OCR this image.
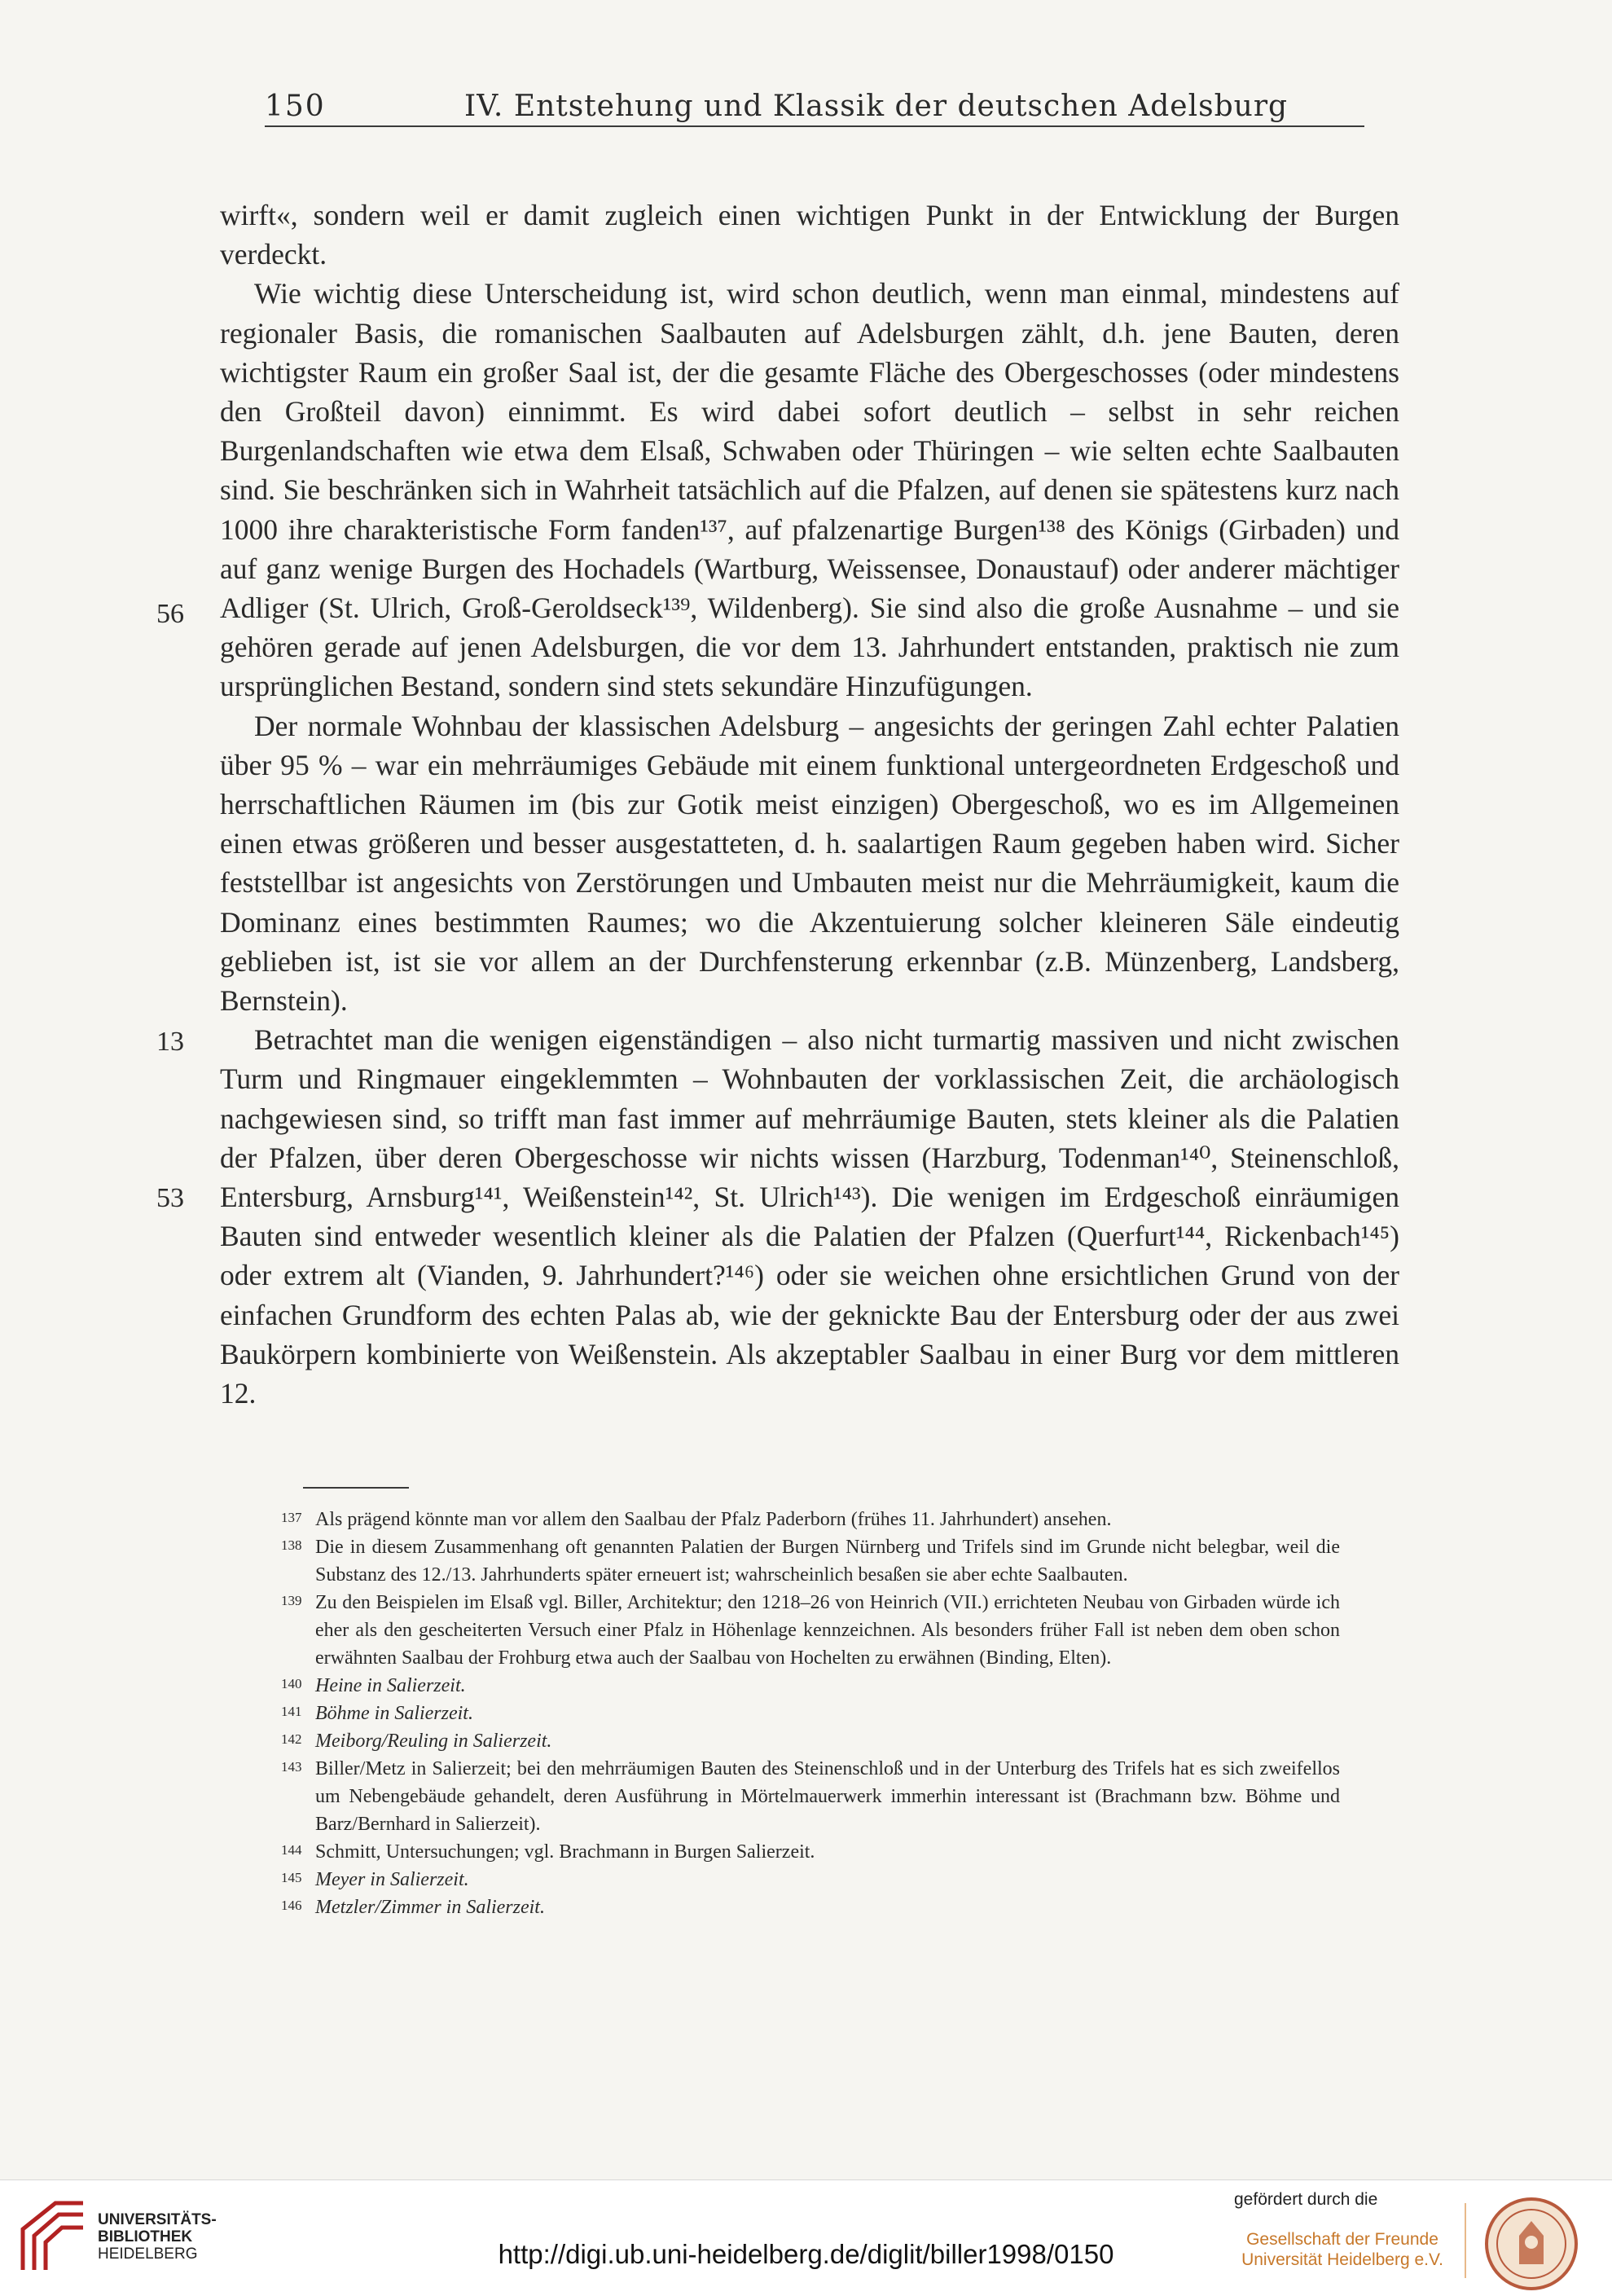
150	IV. Entstehung und Klassik der deutschen Adelsburg
56
13
53

wirft«, sondern weil er damit zugleich einen wichtigen Punkt in der Entwicklung der Burgen verdeckt.

Wie wichtig diese Unterscheidung ist, wird schon deutlich, wenn man einmal, mindestens auf regionaler Basis, die romanischen Saalbauten auf Adelsburgen zählt, d.h. jene Bauten, deren wichtigster Raum ein großer Saal ist, der die gesamte Fläche des Obergeschosses (oder mindestens den Großteil davon) einnimmt. Es wird dabei sofort deutlich – selbst in sehr reichen Burgenlandschaften wie etwa dem Elsaß, Schwaben oder Thüringen – wie selten echte Saalbauten sind. Sie beschränken sich in Wahrheit tatsächlich auf die Pfalzen, auf denen sie spätestens kurz nach 1000 ihre charakteristische Form fanden¹³⁷, auf pfalzenartige Burgen¹³⁸ des Königs (Girbaden) und auf ganz wenige Burgen des Hochadels (Wartburg, Weissensee, Donaustauf) oder anderer mächtiger Adliger (St. Ulrich, Groß-Geroldseck¹³⁹, Wildenberg). Sie sind also die große Ausnahme – und sie gehören gerade auf jenen Adelsburgen, die vor dem 13. Jahrhundert entstanden, praktisch nie zum ursprünglichen Bestand, sondern sind stets sekundäre Hinzufügungen.

Der normale Wohnbau der klassischen Adelsburg – angesichts der geringen Zahl echter Palatien über 95 % – war ein mehrräumiges Gebäude mit einem funktional untergeordneten Erdgeschoß und herrschaftlichen Räumen im (bis zur Gotik meist einzigen) Obergeschoß, wo es im Allgemeinen einen etwas größeren und besser ausgestatteten, d. h. saalartigen Raum gegeben haben wird. Sicher feststellbar ist angesichts von Zerstörungen und Umbauten meist nur die Mehrräumigkeit, kaum die Dominanz eines bestimmten Raumes; wo die Akzentuierung solcher kleineren Säle eindeutig geblieben ist, ist sie vor allem an der Durchfensterung erkennbar (z.B. Münzenberg, Landsberg, Bernstein).

Betrachtet man die wenigen eigenständigen – also nicht turmartig massiven und nicht zwischen Turm und Ringmauer eingeklemmten – Wohnbauten der vorklassischen Zeit, die archäologisch nachgewiesen sind, so trifft man fast immer auf mehrräumige Bauten, stets kleiner als die Palatien der Pfalzen, über deren Obergeschosse wir nichts wissen (Harzburg, Todenman¹⁴⁰, Steinenschloß, Entersburg, Arnsburg¹⁴¹, Weißenstein¹⁴², St. Ulrich¹⁴³). Die wenigen im Erdgeschoß einräumigen Bauten sind entweder wesentlich kleiner als die Palatien der Pfalzen (Querfurt¹⁴⁴, Rickenbach¹⁴⁵) oder extrem alt (Vianden, 9. Jahrhundert?¹⁴⁶) oder sie weichen ohne ersichtlichen Grund von der einfachen Grundform des echten Palas ab, wie der geknickte Bau der Entersburg oder der aus zwei Baukörpern kombinierte von Weißenstein. Als akzeptabler Saalbau in einer Burg vor dem mittleren 12.

137 Als prägend könnte man vor allem den Saalbau der Pfalz Paderborn (frühes 11. Jahrhundert) ansehen.

138 Die in diesem Zusammenhang oft genannten Palatien der Burgen Nürnberg und Trifels sind im Grunde nicht belegbar, weil die Substanz des 12./13. Jahrhunderts später erneuert ist; wahrscheinlich besaßen sie aber echte Saalbauten.

139 Zu den Beispielen im Elsaß vgl. Biller, Architektur; den 1218–26 von Heinrich (VII.) errichteten Neubau von Girbaden würde ich eher als den gescheiterten Versuch einer Pfalz in Höhenlage kennzeichnen. Als besonders früher Fall ist neben dem oben schon erwähnten Saalbau der Frohburg etwa auch der Saalbau von Hochelten zu erwähnen (Binding, Elten).

140 Heine in Salierzeit.

141 Böhme in Salierzeit.

142 Meiborg/Reuling in Salierzeit.

143 Biller/Metz in Salierzeit; bei den mehrräumigen Bauten des Steinenschloß und in der Unterburg des Trifels hat es sich zweifellos um Nebengebäude gehandelt, deren Ausführung in Mörtelmauerwerk immerhin interessant ist (Brachmann bzw. Böhme und Barz/Bernhard in Salierzeit).

144 Schmitt, Untersuchungen; vgl. Brachmann in Burgen Salierzeit.

145 Meyer in Salierzeit.

146 Metzler/Zimmer in Salierzeit.

UNIVERSITÄTS-
BIBLIOTHEK
HEIDELBERG	http://digi.ub.uni-heidelberg.de/diglit/biller1998/0150
gefördert durch die
Gesellschaft der Freunde
Universität Heidelberg e.V.
